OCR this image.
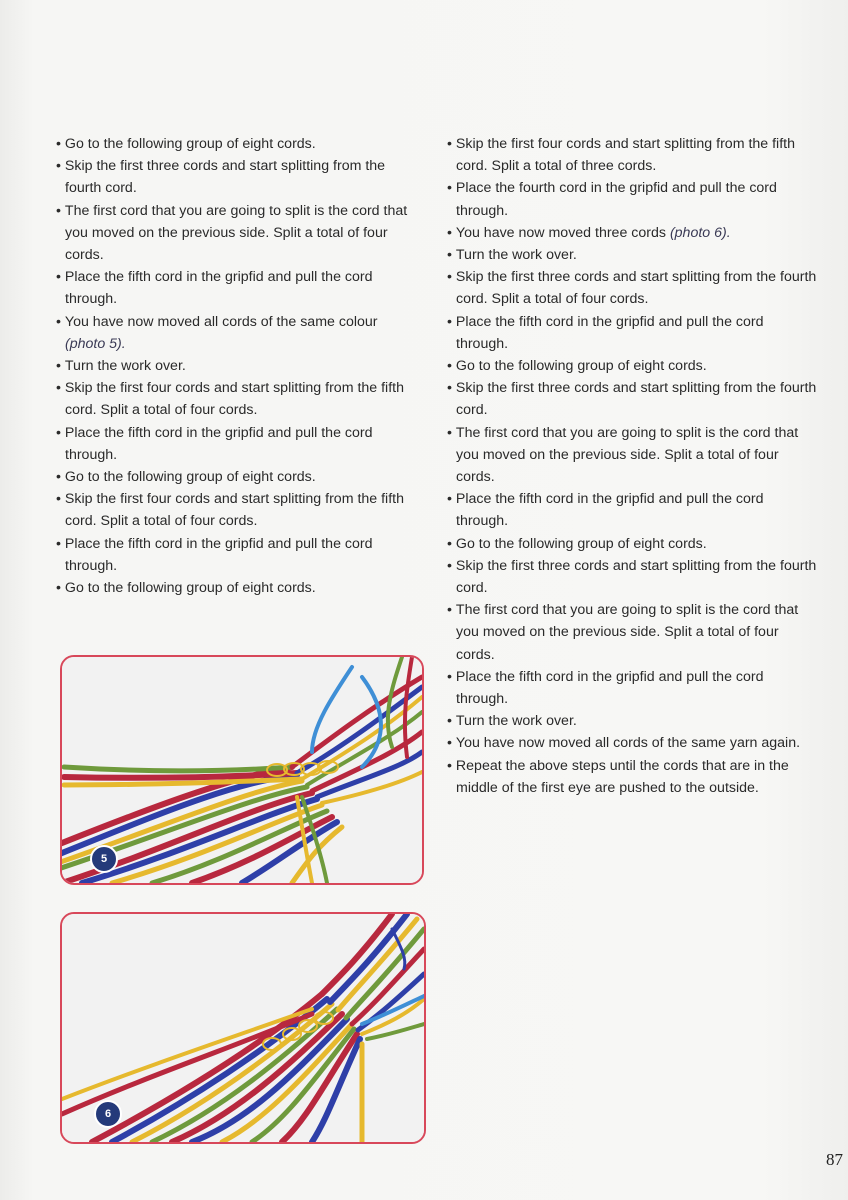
• Go to the following group of eight cords.

• Skip the first three cords and start splitting from the fourth cord.

• The first cord that you are going to split is the cord that you moved on the previous side. Split a total of four cords.

• Place the fifth cord in the gripfid and pull the cord through.

• You have now moved all cords of the same colour (photo 5).

• Turn the work over.

• Skip the first four cords and start splitting from the fifth cord. Split a total of four cords.

• Place the fifth cord in the gripfid and pull the cord through.

• Go to the following group of eight cords.

• Skip the first four cords and start splitting from the fifth cord. Split a total of four cords.

• Place the fifth cord in the gripfid and pull the cord through.

• Go to the following group of eight cords.

• Skip the first four cords and start splitting from the fifth cord. Split a total of three cords.

• Place the fourth cord in the gripfid and pull the cord through.

• You have now moved three cords (photo 6).

• Turn the work over.

• Skip the first three cords and start splitting from the fourth cord. Split a total of four cords.

• Place the fifth cord in the gripfid and pull the cord through.

• Go to the following group of eight cords.

• Skip the first three cords and start splitting from the fourth cord.

• The first cord that you are going to split is the cord that you moved on the previous side. Split a total of four cords.

• Place the fifth cord in the gripfid and pull the cord through.

• Go to the following group of eight cords.

• Skip the first three cords and start splitting from the fourth cord.

• The first cord that you are going to split is the cord that you moved on the previous side. Split a total of four cords.

• Place the fifth cord in the gripfid and pull the cord through.

• Turn the work over.

• You have now moved all cords of the same yarn again.

• Repeat the above steps until the cords that are in the middle of the first eye are pushed to the outside.

5
6
87
